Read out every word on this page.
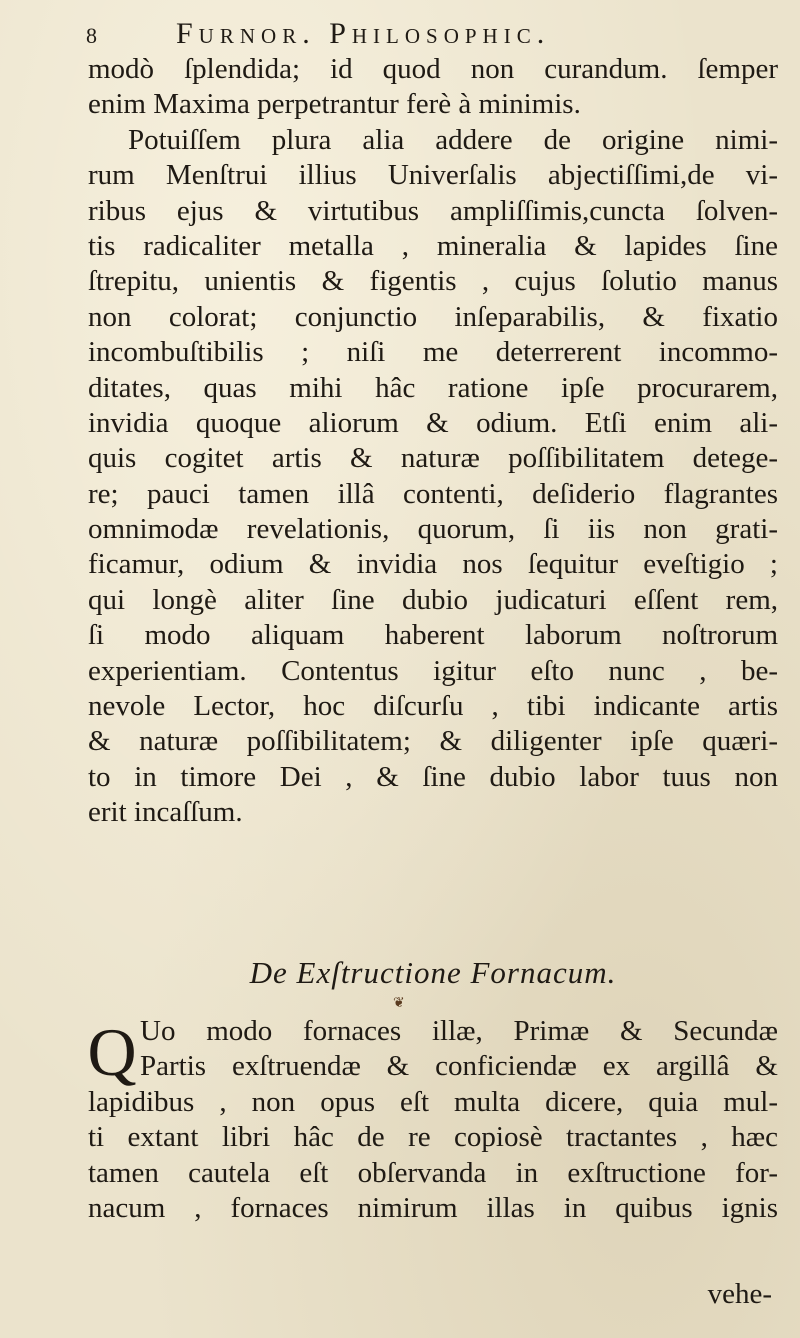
8	Furnor. Philosophic.
modò ſplendida; id quod non curandum. ſemper
enim Maxima perpetrantur ferè à minimis.
Potuiſſem plura alia addere de origine nimi-
rum Menſtrui illius Univerſalis abjectiſſimi,de vi-
ribus ejus & virtutibus ampliſſimis,cuncta ſolven-
tis radicaliter metalla , mineralia & lapides ſine
ſtrepitu, unientis & figentis , cujus ſolutio manus
non colorat; conjunctio inſeparabilis, & fixatio
incombuſtibilis ; niſi me deterrerent incommo-
ditates, quas mihi hâc ratione ipſe procurarem,
invidia quoque aliorum & odium. Etſi enim ali-
quis cogitet artis & naturæ poſſibilitatem detege-
re; pauci tamen illâ contenti, deſiderio flagrantes
omnimodæ revelationis, quorum, ſi iis non grati-
ficamur, odium & invidia nos ſequitur eveſtigio ;
qui longè aliter ſine dubio judicaturi eſſent rem,
ſi modo aliquam haberent laborum noſtrorum
experientiam. Contentus igitur eſto nunc , be-
nevole Lector, hoc diſcurſu , tibi indicante artis
& naturæ poſſibilitatem; & diligenter ipſe quæri-
to in timore Dei , & ſine dubio labor tuus non
erit incaſſum.
De Exſtructione Fornacum.
❦
Q Uo modo fornaces illæ, Primæ & Secundæ
Partis exſtruendæ & conficiendæ ex argillâ &
lapidibus , non opus eſt multa dicere, quia mul-
ti extant libri hâc de re copiosè tractantes , hæc
tamen cautela eſt obſervanda in exſtructione for-
nacum , fornaces nimirum illas in quibus ignis
vehe-
